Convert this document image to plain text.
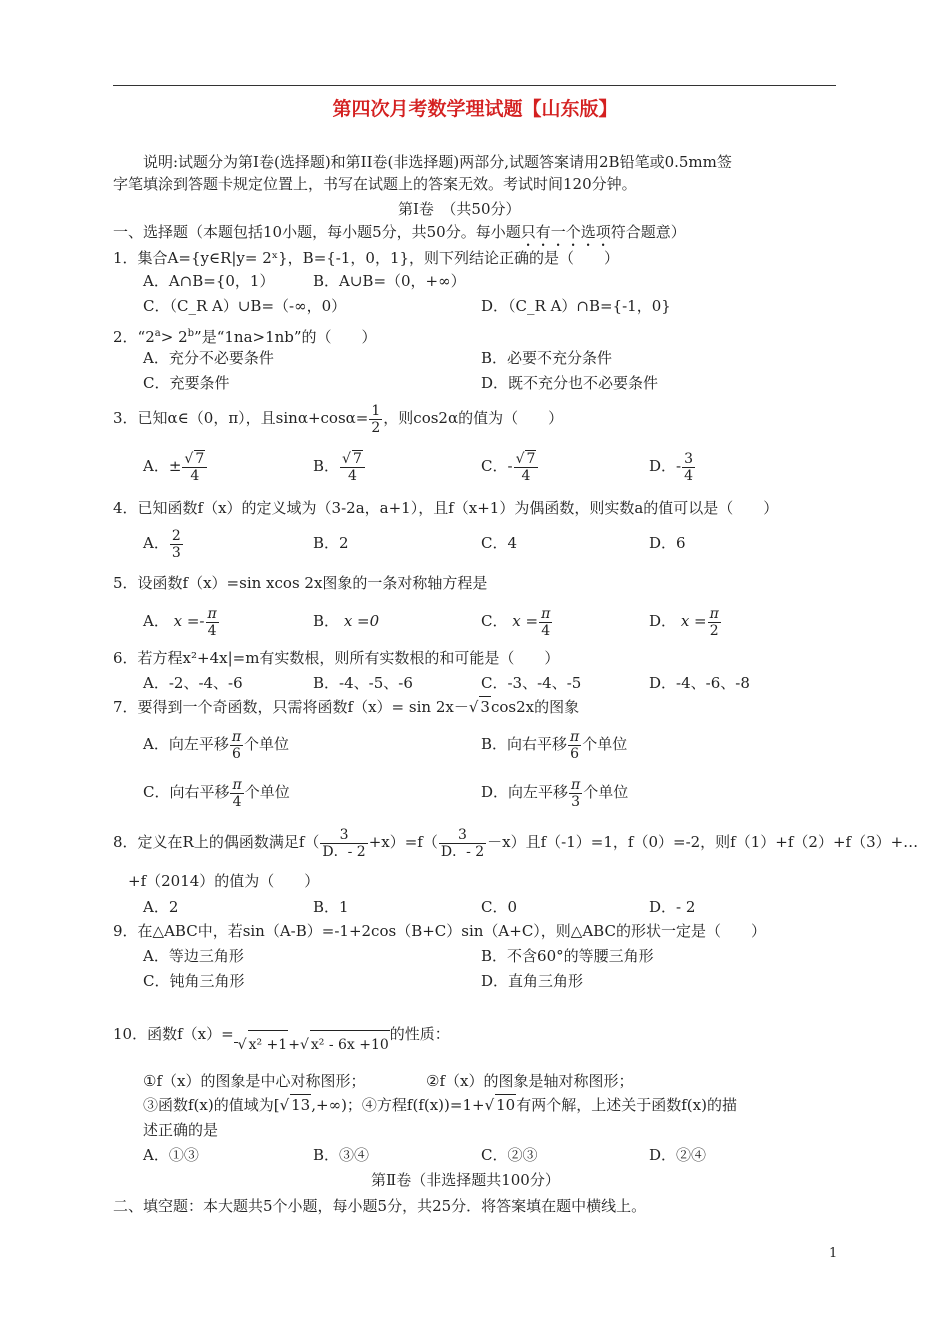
第四次月考数学理试题【山东版】
说明:试题分为第Ⅰ卷(选择题)和第II卷(非选择题)两部分,试题答案请用2B铅笔或0.5mm签
字笔填涂到答题卡规定位置上，书写在试题上的答案无效。考试时间120分钟。
第Ⅰ卷　（共50分）
一、选择题（本题包括10小题，每小题5分，共50分。每小题只有一个选项符合题意）
1．集合A={y∈R|y= 2ˣ}，B={-1，0，1}，则下列结论正确的是（　　）
A．A∩B={0，1）	B．A∪B=（0，+∞）
C．（C_R A）∪B=（-∞，0）	D．（C_R A）∩B={-1，0}
2．“$2^a> 2^b$”是“1na>1nb”的（　　）
A．充分不必要条件	B．必要不充分条件
C．充要条件	D．既不充分也不必要条件
3．已知α∈（0，π），且$\sin\alpha+\cos\alpha= \frac{1}{2}$ ，则cos2α的值为（　　）
A．± $\frac{√ 7}{4}$	B． $\frac{√ 7}{4}$	C．- $\frac{√ 7}{4}$	D．- $\frac{3}{4}$
4．已知函数f（x）的定义域为（3-2a，a+1），且f（x+1）为偶函数，则实数a的值可以是（　　）
A． $\frac{2}{3}$	B．2	C．4	D．6
5．设函数f（x）=sin xcos 2x图象的一条对称轴方程是
A． $x =- \frac{\pi}{4}$	B． x =0	C． $x = \frac{\pi}{4}$	D． $x = \frac{\pi}{2}$
6．若方程x²+4x|=m有实数根，则所有实数根的和可能是（　　）
A．-2、-4、-6	B．-4、-5、-6	C．-3、-4、-5	D．-4、-6、-8
7．要得到一个奇函数，只需将函数f（x）= sin 2x－√ 3cos2x的图象
A．向左平移 $\frac{\pi}{6}$ 个单位	B．向右平移 $\frac{\pi}{6}$ 个单位
C．向右平移 $\frac{\pi}{4}$ 个单位	D．向左平移 $\frac{\pi}{3}$ 个单位
8．定义在R上的偶函数满足$f( \frac{3}{D.- 2} +x)=f( \frac{3}{D.- 2} -x)$且f（-1）=1，f（0）=-2，则f（1）+f（2）+f（3）+…
+f（2014）的值为（　　）
A．2	B．1	C．0	D．- 2
9．在△ABC中，若sin（A-B）=-1+2cos（B+C）sin（A+C），则△ABC的形状一定是（　　）
A．等边三角形	B．不含60°的等腰三角形
C．钝角三角形	D．直角三角形
10．函数f（x）=√ x² +1+√ x² - 6x +10的性质：
①f（x）的图象是中心对称图形；	②f（x）的图象是轴对称图形；
③函数f(x)的值域为[√ 13,+∞)；④方程f(f(x))=1+√ 10有两个解，上述关于函数f(x)的描
述正确的是
A．①③	B．③④	C．②③	D．②④
第Ⅱ卷（非选择题共100分）
二、填空题：本大题共5个小题，每小题5分，共25分．将答案填在题中横线上。
1
